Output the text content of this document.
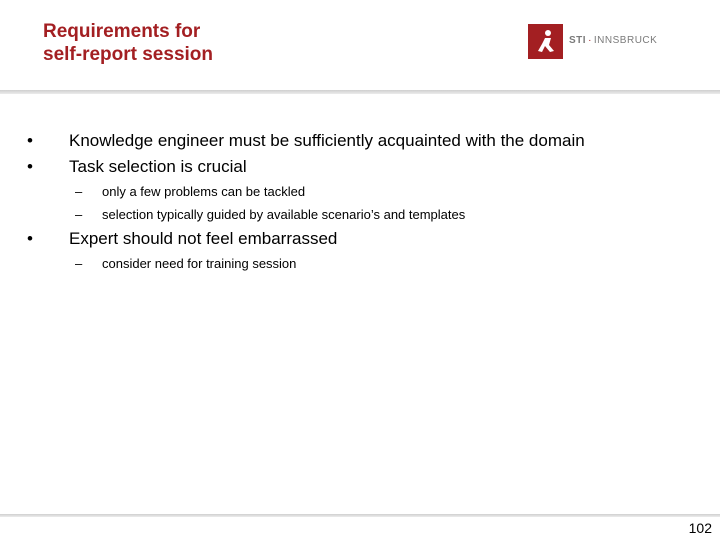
Requirements for
self-report session
STI · INNSBRUCK
•	Knowledge engineer must be sufficiently acquainted with the domain
•	Task selection is crucial
–	only a few problems can be tackled
–	selection typically guided by available scenario’s and templates
•	Expert should not feel embarrassed
–	consider need for training session
102
